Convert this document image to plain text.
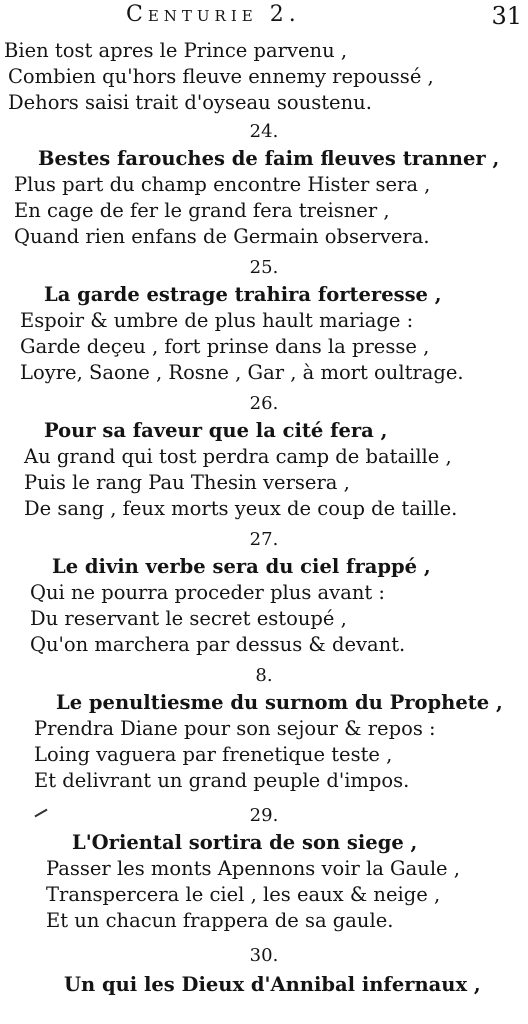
Centurie 2.	31
Bien tost apres le Prince parvenu ,
Combien qu'hors fleuve ennemy repoussé ,
Dehors saisi trait d'oyseau soustenu.
24.
Bestes farouches de faim fleuves tranner ,
Plus part du champ encontre Hister sera ,
En cage de fer le grand fera treisner ,
Quand rien enfans de Germain observera.
25.
La garde estrage trahira forteresse ,
Espoir & umbre de plus hault mariage :
Garde deçeu , fort prinse dans la presse ,
Loyre, Saone , Rosne , Gar , à mort oultrage.
26.
Pour sa faveur que la cité fera ,
Au grand qui tost perdra camp de bataille ,
Puis le rang Pau Thesin versera ,
De sang , feux morts yeux de coup de taille.
27.
Le divin verbe sera du ciel frappé ,
Qui ne pourra proceder plus avant :
Du reservant le secret estoupé ,
Qu'on marchera par dessus & devant.
8.
Le penultiesme du surnom du Prophete ,
Prendra Diane pour son sejour & repos :
Loing vaguera par frenetique teste ,
Et delivrant un grand peuple d'impos.
29.
L'Oriental sortira de son siege ,
Passer les monts Apennons voir la Gaule ,
Transpercera le ciel , les eaux & neige ,
Et un chacun frappera de sa gaule.
30.
Un qui les Dieux d'Annibal infernaux ,
